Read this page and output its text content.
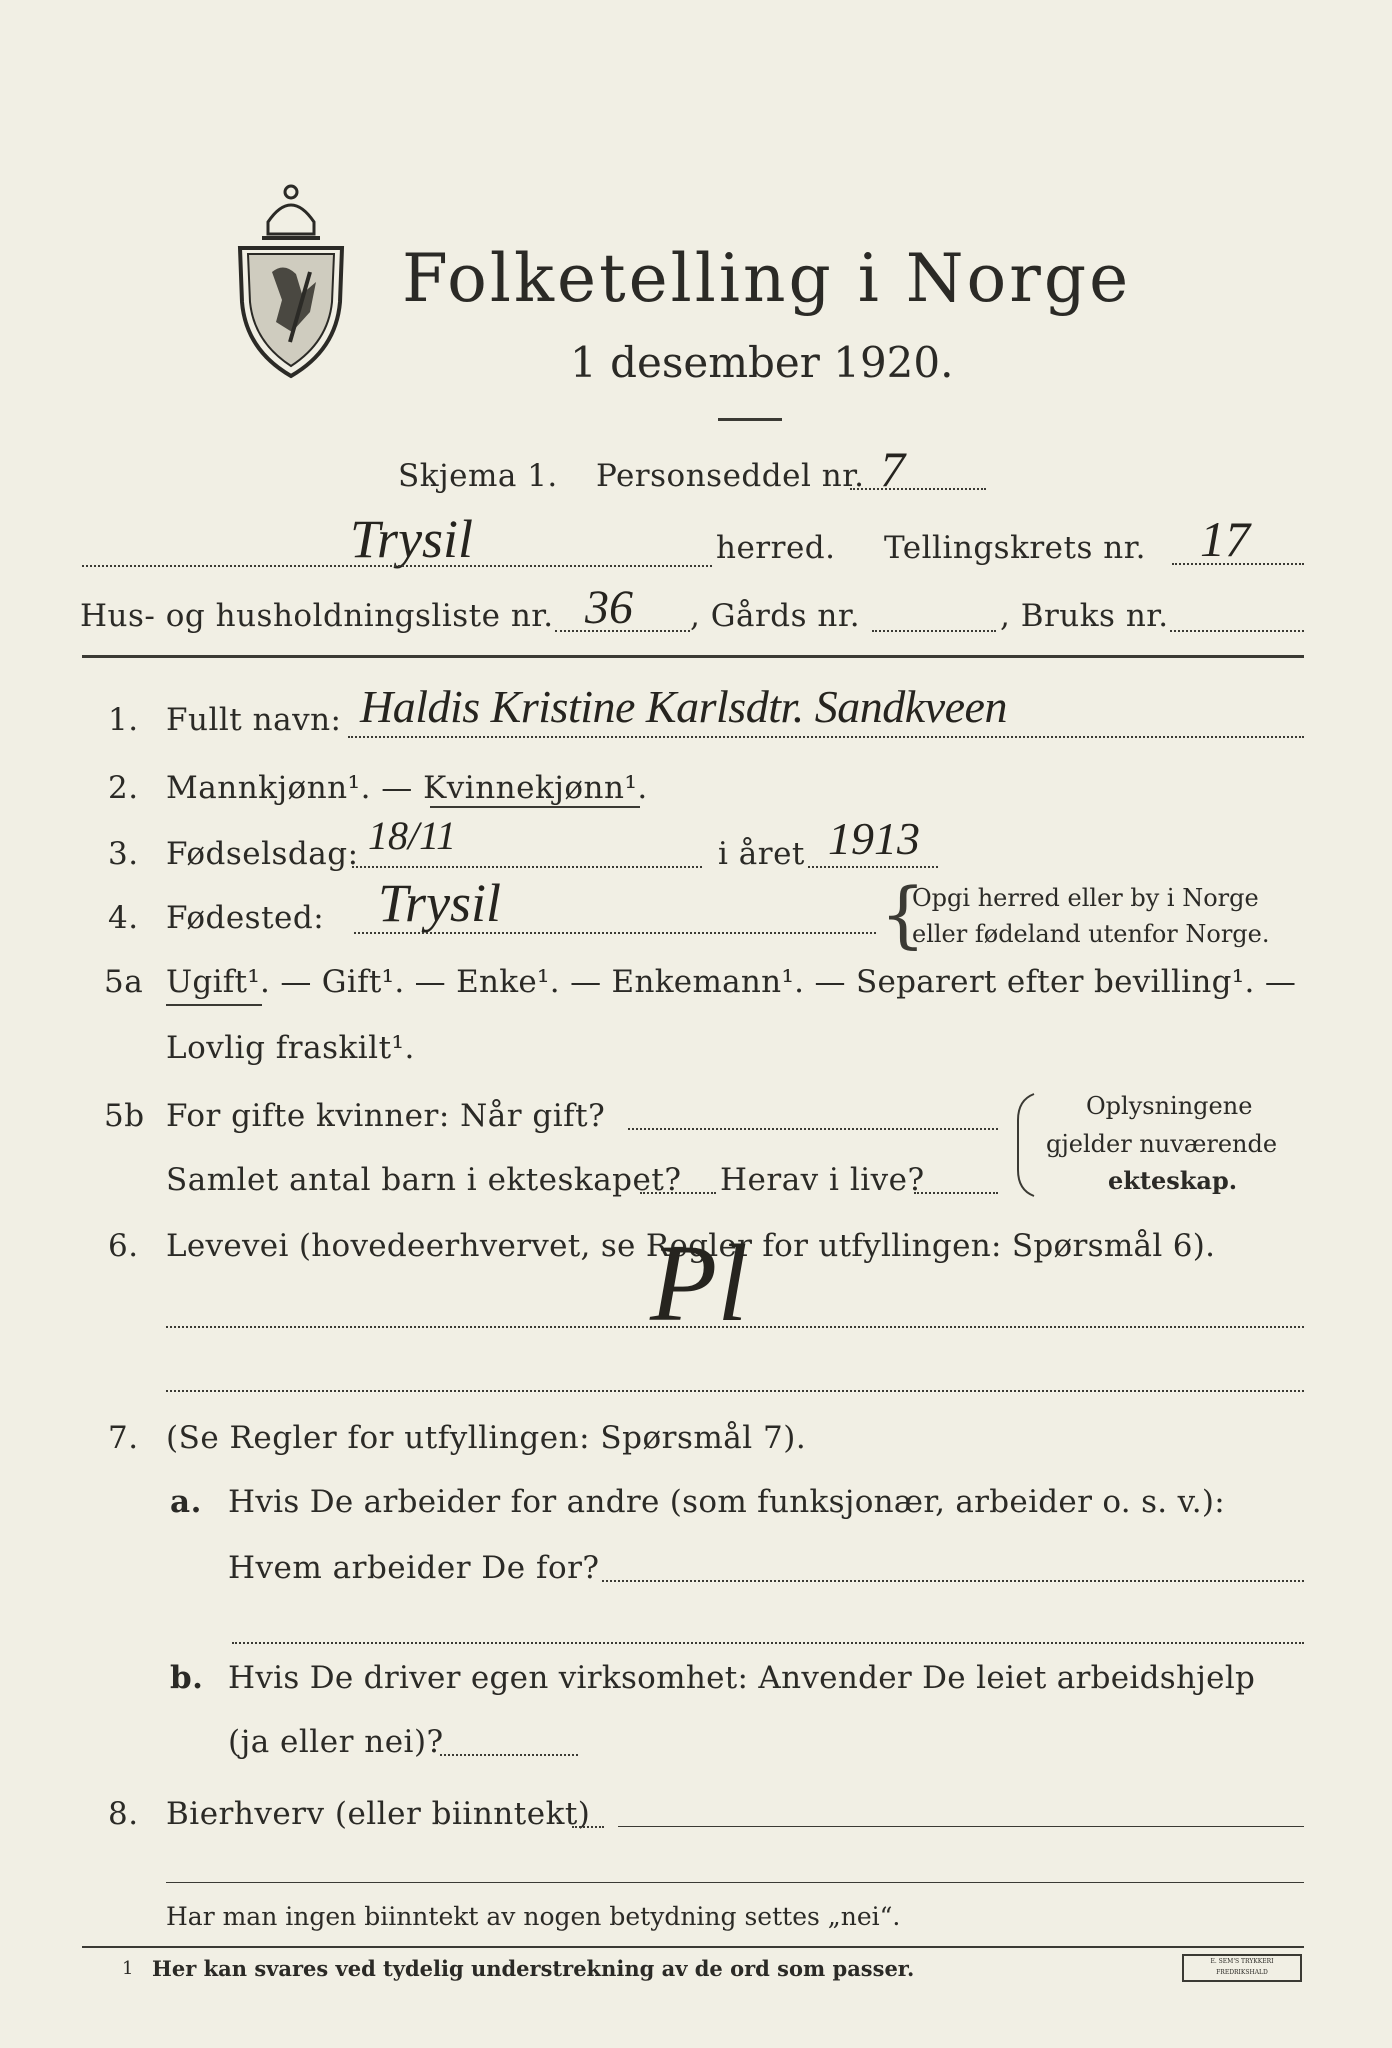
Folketelling i Norge
1 desember 1920.
Skjema 1. Personseddel nr. 7
Trysil	herred. Tellingskrets nr. 17
Hus- og husholdningsliste nr. 36 , Gårds nr.	, Bruks nr.
1. Fullt navn: Haldis Kristine Karlsdtr. Sandkveen
2. Mannkjønn¹. — Kvinnekjønn¹.
3. Fødselsdag: 18/11	i året 1913
4. Fødested: Trysil	{
Opgi herred eller by i Norge
eller fødeland utenfor Norge.
5a Ugift¹. — Gift¹. — Enke¹. — Enkemann¹. — Separert efter bevilling¹. —
Lovlig fraskilt¹.
5b For gifte kvinner: Når gift?
Samlet antal barn i ekteskapet? Herav i live?
Oplysningene
gjelder nuværende
ekteskap.
6. Levevei (hovedeerhvervet, se Regler for utfyllingen: Spørsmål 6).
Pl
7. (Se Regler for utfyllingen: Spørsmål 7).
a. Hvis De arbeider for andre (som funksjonær, arbeider o. s. v.):
Hvem arbeider De for?
b. Hvis De driver egen virksomhet: Anvender De leiet arbeidshjelp
(ja eller nei)?
8. Bierhverv (eller biinntekt)
Har man ingen biinntekt av nogen betydning settes „nei“.
1 Her kan svares ved tydelig understrekning av de ord som passer.	E. SEM'S TRYKKERI FREDRIKSHALD
